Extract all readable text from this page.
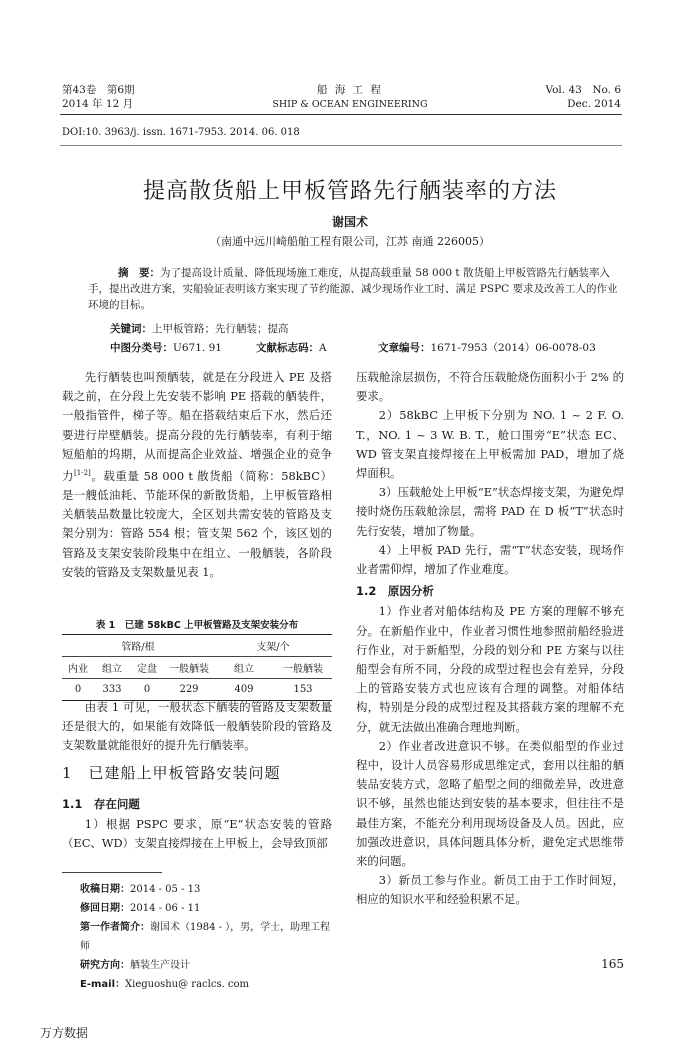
第43卷　第6期
2014 年 12 月
船 海 工 程
SHIP & OCEAN ENGINEERING
Vol. 43　No. 6
Dec. 2014
DOI:10. 3963/j. issn. 1671-7953. 2014. 06. 018
提高散货船上甲板管路先行舾装率的方法
谢国术
（南通中远川崎船舶工程有限公司，江苏 南通 226005）
摘　要：为了提高设计质量、降低现场施工难度，从提高载重量 58 000 t 散货船上甲板管路先行舾装率入手，提出改进方案，实船验证表明该方案实现了节约能源、减少现场作业工时、满足 PSPC 要求及改善工人的作业环境的目标。
关键词：上甲板管路；先行舾装；提高
中图分类号：U671. 91	文献标志码：A	文章编号：1671-7953（2014）06-0078-03

先行舾装也叫预舾装，就是在分段进入 PE 及搭载之前，在分段上先安装不影响 PE 搭载的舾装件，一般指管件，梯子等。船在搭载结束后下水，然后还要进行岸壁舾装。提高分段的先行舾装率，有利于缩短船舶的坞期，从而提高企业效益、增强企业的竞争力[1-2]。载重量 58 000 t 散货船（简称：58kBC）是一艘低油耗、节能环保的新散货船，上甲板管路相关舾装品数量比较庞大，全区划共需安装的管路及支架分别为：管路 554 根；管支架 562 个，该区划的管路及支架安装阶段集中在组立、一般舾装，各阶段安装的管路及支架数量见表 1。

表 1　已建 58kBC 上甲板管路及支架安装分布
管路/根				支架/个	
内业	组立	定盘	一般舾装	组立	一般舾装
0	333	0	229	409	153

由表 1 可见，一般状态下舾装的管路及支架数量还是很大的，如果能有效降低一般舾装阶段的管路及支架数量就能很好的提升先行舾装率。

1　已建船上甲板管路安装问题
1.1　存在问题

1）根据 PSPC 要求，原“E”状态安装的管路（EC、WD）支架直接焊接在上甲板上，会导致顶部

收稿日期：2014 - 05 - 13
修回日期：2014 - 06 - 11
第一作者简介：谢国术（1984 - ），男，学士，助理工程师
研究方向：舾装生产设计
E-mail：Xieguoshu@ raclcs. com

压载舱涂层损伤，不符合压载舱烧伤面积小于 2% 的要求。

2）58kBC 上甲板下分别为 NO. 1 ~ 2 F. O. T.，NO. 1 ~ 3 W. B. T.，舱口围旁“E”状态 EC、WD 管支架直接焊接在上甲板需加 PAD，增加了烧焊面积。

3）压载舱处上甲板“E”状态焊接支架，为避免焊接时烧伤压载舱涂层，需将 PAD 在 D 板“T”状态时先行安装，增加了物量。

4）上甲板 PAD 先行，需“T”状态安装，现场作业者需仰焊，增加了作业难度。

1.2　原因分析

1）作业者对船体结构及 PE 方案的理解不够充分。在新船作业中，作业者习惯性地参照前船经验进行作业，对于新船型，分段的划分和 PE 方案与以往船型会有所不同，分段的成型过程也会有差异，分段上的管路安装方式也应该有合理的调整。对船体结构，特别是分段的成型过程及其搭载方案的理解不充分，就无法做出准确合理地判断。

2）作业者改进意识不够。在类似船型的作业过程中，设计人员容易形成思维定式，套用以往船的舾装品安装方式，忽略了船型之间的细微差异，改进意识不够，虽然也能达到安装的基本要求，但往往不是最佳方案，不能充分利用现场设备及人员。因此，应加强改进意识，具体问题具体分析，避免定式思维带来的问题。

3）新员工参与作业。新员工由于工作时间短，相应的知识水平和经验积累不足。

165
万方数据
